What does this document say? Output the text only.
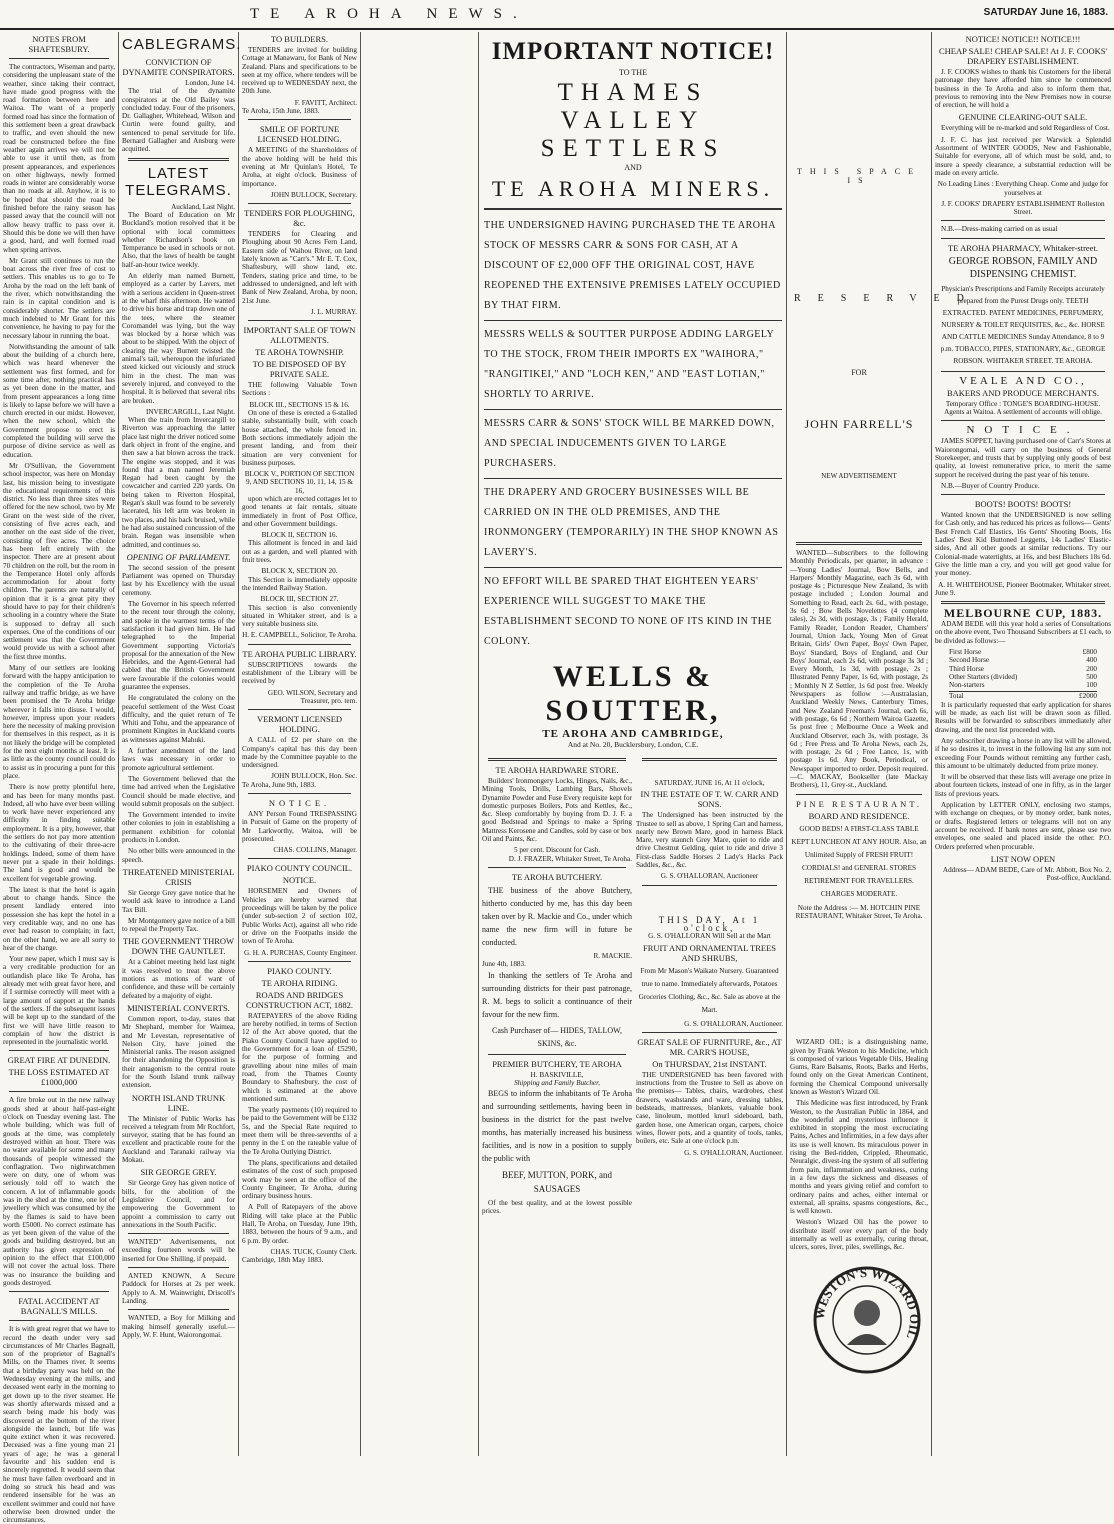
TE AROHA NEWS.	SATURDAY June 16, 1883.
NOTES FROM SHAFTESBURY.

The contractors, Wiseman and party, considering the unpleasant state of the weather, since taking their contract, have made good progress with the road formation between here and Waitoa. The want of a properly formed road has since the formation of this settlement been a great drawback to traffic, and even should the new road be constructed before the fine weather again arrives we will not be able to use it until then, as from present appearances, and experiences on other highways, newly formed roads in winter are considerably worse than no roads at all. Anyhow, it is to be hoped that should the road be finished before the rainy season has passed away that the council will not allow heavy traffic to pass over it. Should this be done we will then have a good, hard, and well formed road when spring arrives.

Mr Grant still continues to run the boat across the river free of cost to settlers. This enables us to go to Te Aroha by the road on the left bank of the river, which notwithstanding the rain is in capital condition and is considerably shorter. The settlers are much indebted to Mr Grant for this convenience, he having to pay for the necessary labour in running the boat.

Notwithstanding the amount of talk about the building of a church here, which was heard whenever the settlement was first formed, and for some time after, nothing practical has as yet been done in the matter, and from present appearances a long time is likely to lapse before we will have a church erected in our midst. However, when the new school, which the Government propose to erect is completed the building will serve the purpose of divine service as well as education.

Mr O'Sullivan, the Government school inspector, was here on Monday last, his mission being to investigate the educational requirements of this district. No less than three sites were offered for the new school, two by Mr Grant on the west side of the river, consisting of five acres each, and another on the east side of the river, consisting of five acres. The choice has been left entirely with the inspector. There are at present about 70 children on the roll, but the room in the Temperance Hotel only affords accommodation for about forty children. The parents are naturally of opinion that it is a great pity they should have to pay for their children's schooling in a country where the State is supposed to defray all such expenses. One of the conditions of our settlement was that the Government would provide us with a school after the first three months.

Many of our settlers are looking forward with the happy anticipation to the completion of the Te Aroha railway and traffic bridge, as we have been promised the Te Aroha bridge wherever it falls into disuse. I would, however, impress upon your readers here the necessity of making provision for themselves in this respect, as it is not likely the bridge will be completed for the next eight months at least. It is as little as the county council could do to assist us in procuring a punt for this place.

There is now pretty plentiful here, and has been for many months past. Indeed, all who have ever been willing to work have never experienced any difficulty in finding suitable employment. It is a pity, however, that the settlers do not pay more attention to the cultivating of their three-acre holdings. Indeed, some of them have never put a spade in their holdings. The land is good and would be excellent for vegetable growing.

The latest is that the hotel is again about to change hands. Since the present landlady entered into possession she has kept the hotel in a very creditable way, and no one has ever had reason to complain; in fact, on the other hand, we are all sorry to hear of the change.

Your new paper, which I must say is a very creditable production for an outlandish place like Te Aroha, has already met with great favor here, and if I surmise correctly will meet with a large amount of support at the hands of the settlers. If the subsequent issues will be kept up to the standard of the first we will have little reason to complain of how the district is represented in the journalistic world.

GREAT FIRE AT DUNEDIN.
THE LOSS ESTIMATED AT £1000,000

A fire broke out in the new railway goods shed at about half-past-eight o'clock on Tuesday evening last. The whole building, which was full of goods at the time, was completely destroyed within an hour. There was no water available for some and many thousands of people witnessed the conflagration. Two nightwatchmen were on duty, one of whom was seriously told off to watch the concern. A lot of inflammable goods was in the shed at the time, one lot of jewellery which was consumed by the by the flames is said to have been worth £5000. No correct estimate has as yet been given of the value of the goods and building destroyed, but an authority has given expression of opinion to the effect that £100,000 will not cover the actual loss. There was no insurance the building and goods destroyed.

FATAL ACCIDENT AT BAGNALL'S MILLS.

It is with great regret that we have to record the death under very sad circumstances of Mr Charles Bagnall, son of the proprietor of Bagnall's Mills, on the Thames river. It seems that a birthday party was held on the Wednesday evening at the mills, and deceased went early in the morning to get down up to the river steamer. He was shortly afterwards missed and a search being made his body was discovered at the bottom of the river alongside the launch, but life was quite extinct when it was recovered. Deceased was a fine young man 21 years of age; he was a general favourite and his sudden end is sincerely regretted. It would seem that he must have fallen overboard and in doing so struck his head and was rendered insensible for he was an excellent swimmer and could not have otherwise been drowned under the circumstances.

CABLEGRAMS.
CONVICTION OF DYNAMITE CONSPIRATORS.
London, June 14.

The trial of the dynamite conspirators at the Old Bailey was concluded today. Four of the prisoners, Dr. Gallagher, Whitehead, Wilson and Curtin were found guilty, and sentenced to penal servitude for life. Bernard Gallagher and Ansburg were acquitted.

LATEST TELEGRAMS.
Auckland, Last Night.

The Board of Education on Mr Buckland's motion resolved that it be optional with local committees whether Richardson's book on Temperance be used in schools or not. Also, that the laws of health be taught half-an-hour twice weekly.

An elderly man named Burnett, employed as a carter by Lavers, met with a serious accident in Queen-street at the wharf this afternoon. He wanted to drive his horse and trap down one of the tees, where the steamer Coromandel was lying, but the way was blocked by a horse which was about to be shipped. With the object of clearing the way Burnett twisted the animal's tail, whereupon the infuriated steed kicked out viciously and struck him in the chest. The man was severely injured, and conveyed to the hospital. It is believed that several ribs are broken.

INVERCARGILL, Last Night.

When the train from Invercargill to Riverton was approaching the latter place last night the driver noticed some dark object in front of the engine, and then saw a hat blown across the track. The engine was stopped, and it was found that a man named Jeremiah Regan had been caught by the cowcatcher and carried 220 yards. On being taken to Riverton Hospital, Regan's skull was found to be severely lacerated, his left arm was broken in two places, and his back bruised, while he had also sustained concussion of the brain. Regan was insensible when admitted, and continues so.

OPENING OF PARLIAMENT.

The second session of the present Parliament was opened on Thursday last by his Excellency with the usual ceremony.

The Governor in his speech referred to the recent tour through the colony, and spoke in the warmest terms of the satisfaction it had given him. He had telegraphed to the Imperial Government supporting Victoria's proposal for the annexation of the New Hebrides, and the Agent-General had cabled that the British Government were favourable if the colonies would guarantee the expenses.

He congratulated the colony on the peaceful settlement of the West Coast difficulty, and the quiet return of Te Whiti and Tohu, and the appearance of prominent Kingites in Auckland courts as witnesses against Mahuki.

A further amendment of the land laws was necessary in order to promote agricultural settlement.

The Government believed that the time had arrived when the Legislative Council should be made elective, and would submit proposals on the subject.

The Government intended to invite other colonies to join in establishing a permanent exhibition for colonial products in London.

No other bills were announced in the speech.

THREATENED MINISTERIAL CRISIS

Sir George Grey gave notice that he would ask leave to introduce a Land Tax Bill.

Mr Montgomery gave notice of a bill to repeal the Property Tax.

THE GOVERNMENT THROW DOWN THE GAUNTLET.

At a Cabinet meeting held last night it was resolved to treat the above motions as motions of want of confidence, and these will be certainly defeated by a majority of eight.

MINISTERIAL CONVERTS.

Common report, to-day, states that Mr Shephard, member for Waimea, and Mr Levestan, representative of Nelson City, have joined the Ministerial ranks. The reason assigned for their abandoning the Opposition is their antagonism to the central route for the South Island trunk railway extension.

NORTH ISLAND TRUNK LINE.

The Minister of Public Works has received a telegram from Mr Rochfort, surveyor, stating that he has found an excellent and practicable route for the Auckland and Taranaki railway via Mokau.

SIR GEORGE GREY.

Sir George Grey has given notice of bills, for the abolition of the Legislative Council, and for empowering the Government to appoint a commission to carry out annexations in the South Pacific.

WANTED" Advertisements, not exceeding fourteen words will be inserted for One Shilling, if prepaid.

ANTED KNOWN, A Secure Paddock for Horses at 2s per week. Apply to A. M. Wainwright, Driscoll's Landing.

WANTED, a Boy for Milking and making himself generally useful.—Apply, W. F. Hunt, Waiorongomai.

TO BUILDERS.

TENDERS are invited for building Cottage at Manawaru, for Bank of New Zealand. Plans and specifications to be seen at my office, where tenders will be received up to WEDNESDAY next, the 20th June.

F. FAVITT, Architect.
Te Aroha, 15th June, 1883.
SMILE OF FORTUNE LICENSED HOLDING.

A MEETING of the Shareholders of the above holding will be held this evening at Mr Quinlan's Hotel, Te Aroha, at eight o'clock. Business of importance.

JOHN BULLOCK, Secretary.
TENDERS FOR PLOUGHING, &c.

TENDERS for Clearing and Ploughing about 90 Acres Fern Land, Eastern side of Waihou River, on land lately known as "Carr's." Mr E. T. Cox, Shaftesbury, will show land, etc. Tenders, stating price and time, to be addressed to undersigned, and left with Bank of New Zealand, Aroha, by noon, 21st June.

J. L. MURRAY.
IMPORTANT SALE OF TOWN ALLOTMENTS.
TE AROHA TOWNSHIP.
TO BE DISPOSED OF BY PRIVATE SALE.

THE following Valuable Town Sections :

BLOCK III., SECTIONS 15 & 16.

On one of these is erected a 6-stalled stable, substantially built, with coach house attached, the whole fenced in. Both sections immediately adjoin the present landing, and from their situation are very convenient for business purposes.

BLOCK V., PORTION OF SECTION 9, AND SECTIONS 10, 11, 14, 15 & 16,

upon which are erected cottages let to good tenants at fair rentals, situate immediately in front of Post Office, and other Government buildings.

BLOCK II, SECTION 16.

This allotment is fenced in and laid out as a garden, and well planted with fruit trees.

BLOCK X, SECTION 20.

This Section is immediately opposite the intended Railway Station.

BLOCK III, SECTION 27.

This section is also conveniently situated in Whitaker street, and is a very suitable business site.

H. E. CAMPBELL, Solicitor, Te Aroha.
TE AROHA PUBLIC LIBRARY.

SUBSCRIPTIONS towards the establishment of the Library will be received by

GEO. WILSON, Secretary and Treasurer, pro. tem.
VERMONT LICENSED HOLDING.

A CALL of £2 per share on the Company's capital has this day been made by the Committee payable to the undersigned.

JOHN BULLOCK, Hon. Sec.
Te Aroha, June 9th, 1883.
NOTICE.

ANY Person Found TRESPASSING in Pursuit of Game on the property of Mr Larkworthy, Waitoa, will be prosecuted.

CHAS. COLLINS, Manager.
PIAKO COUNTY COUNCIL.
NOTICE.

HORSEMEN and Owners of Vehicles are hereby warned that proceedings will be taken by the police (under sub-section 2 of section 102, Public Works Act), against all who ride or drive on the Footpaths inside the town of Te Aroha.

G. H. A. PURCHAS, County Engineer.
PIAKO COUNTY.
TE AROHA RIDING.
ROADS AND BRIDGES CONSTRUCTION ACT, 1882.

RATEPAYERS of the above Riding are hereby notified, in terms of Section 12 of the Act above quoted, that the Piako County Council have applied to the Government for a loan of £5290, for the purpose of forming and gravelling about nine miles of main road, from the Thames County Boundary to Shaftesbury, the cost of which is estimated at the above mentioned sum.

The yearly payments (10) required to be paid to the Government will be £132 5s, and the Special Rate required to meet them will be three-sevenths of a penny in the £ on the rateable value of the Te Aroha Outlying District.

The plans, specifications and detailed estimates of the cost of such proposed work may be seen at the office of the County Engineer, Te Aroha, during ordinary business hours.

A Poll of Ratepayers of the above Riding will take place at the Public Hall, Te Aroha, on Tuesday, June 19th, 1883, between the hours of 9 a.m., and 6 p.m. By order.

CHAS. TUCK, County Clerk.
Cambridge, 18th May 1883.
IMPORTANT NOTICE!
TO THE
THAMES VALLEY SETTLERS
AND
TE AROHA MINERS.
THE UNDERSIGNED HAVING PURCHASED THE TE AROHA STOCK OF MESSRS CARR & SONS FOR CASH, AT A DISCOUNT OF £2,000 OFF THE ORIGINAL COST, HAVE REOPENED THE EXTENSIVE PREMISES LATELY OCCUPIED BY THAT FIRM.
MESSRS WELLS & SOUTTER PURPOSE ADDING LARGELY TO THE STOCK, FROM THEIR IMPORTS EX "WAIHORA," "RANGITIKEI," AND "LOCH KEN," AND "EAST LOTIAN," SHORTLY TO ARRIVE.
MESSRS CARR & SONS' STOCK WILL BE MARKED DOWN, AND SPECIAL INDUCEMENTS GIVEN TO LARGE PURCHASERS.
THE DRAPERY AND GROCERY BUSINESSES WILL BE CARRIED ON IN THE OLD PREMISES, AND THE IRONMONGERY (TEMPORARILY) IN THE SHOP KNOWN AS LAVERY'S.
NO EFFORT WILL BE SPARED THAT EIGHTEEN YEARS' EXPERIENCE WILL SUGGEST TO MAKE THE ESTABLISHMENT SECOND TO NONE OF ITS KIND IN THE COLONY.
WELLS & SOUTTER,
TE AROHA AND CAMBRIDGE,
And at No. 20, Bucklersbury, London, C.E.
TE AROHA HARDWARE STORE.

Builders' Ironmongery Locks, Hinges, Nails, &c., Mining Tools, Drills, Lambing Bars, Shovels Dynamite Powder and Fuse Every requisite kept for domestic purposes Boilers, Pots and Kettles, &c., &c. Sleep comfortably by buying from D. J. F. a good Bedstead and Springs to make a Spring Mattress Kerosene and Candles, sold by case or box Oil and Paints, &c.

5 per cent. Discount for Cash.
D. J. FRAZER, Whitaker Street, Te Aroha.
TE AROHA BUTCHERY.

THE business of the above Butchery, hitherto conducted by me, has this day been taken over by R. Mackie and Co., under which name the new firm will in future be conducted.

R. MACKIE.
June 4th, 1883.

In thanking the settlers of Te Aroha and surrounding districts for their past patronage, R. M. begs to solicit a continuance of their favour for the new firm.

Cash Purchaser of— HIDES, TALLOW, SKINS, &c.

PREMIER BUTCHERY, TE AROHA
H. BASKIVILLE,
Shipping and Family Butcher,

BEGS to inform the inhabitants of Te Aroha and surrounding settlements, having been in business in the district for the past twelve months, has materially increased his business facilities, and is now in a position to supply the public with

BEEF, MUTTON, PORK, and SAUSAGES

Of the best quality, and at the lowest possible prices.

SATURDAY, JUNE 16, At 11 o'clock,
IN THE ESTATE OF T. W. CARR AND SONS.

The Undersigned has been instructed by the Trustee to sell as above, 1 Spring Cart and harness, nearly new Brown Mare, good in harness Black Mare, very staunch Grey Mare, quiet to ride and drive Chestnut Gelding, quiet to ride and drive 3 First-class Saddle Horses 2 Lady's Hacks Pack Saddles, &c., &c.

G. S. O'HALLORAN, Auctioneer
THIS DAY, At 1 o'clock,
G. S. O'HALLORAN Will Sell at the Mart
FRUIT AND ORNAMENTAL TREES AND SHRUBS,

From Mr Mason's Waikato Nursery. Guaranteed true to name. Immediately afterwards, Potatoes Groceries Clothing, &c., &c. Sale as above at the Mart.

G. S. O'HALLORAN, Auctioneer.
GREAT SALE OF FURNITURE, &c., AT MR. CARR'S HOUSE,
On THURSDAY, 21st INSTANT.

THE UNDERSIGNED has been favored with instructions from the Trustee to Sell as above on the premises— Tables, chairs, wardrobes, chest drawers, washstands and ware, dressing tables, bedsteads, mattresses, blankets, valuable book case, linoleum, mottled knurl sideboard, bath, garden hose, one American organ, carpets, choice wines, flower pots, and a quantity of tools, tanks, boilers, etc. Sale at one o'clock p.m.

G. S. O'HALLORAN, Auctioneer.
THIS SPACE IS
RESERVED
FOR
JOHN FARRELL'S
NEW ADVERTISEMENT

WANTED—Subscribers to the following Monthly Periodicals, per quarter, in advance :—Young Ladies' Journal, Bow Bells, and Harpers' Monthly Magazine, each 3s 6d, with postage 4s ; Picturesque New Zealand, 3s with postage included ; London Journal and Something to Read, each 2s. 6d., with postage, 3s 6d ; Bow Bells Novelettes (4 complete tales), 2s 3d, with postage, 3s ; Family Herald, Family Reader, London Reader, Chambers' Journal, Union Jack, Young Men of Great Britain, Girls' Own Paper, Boys' Own Paper, Boys' Standard, Boys of England, and Our Boys' Journal, each 2s 6d, with postage 3s 3d ; Every Month, 1s 3d, with postage, 2s ; Illustrated Penny Paper, 1s 6d, with postage, 2s ; Monthly N Z Settler, 1s 6d post free. Weekly Newspapers as follow :—Australasian, Auckland Weekly News, Canterbury Times, and New Zealand Freeman's Journal, each 6s, with postage, 6s 6d ; Northern Wairoa Gazette, 5s post free ; Melbourne Once a Week and Auckland Observer, each 3s, with postage, 3s 6d ; Free Press and Te Aroha News, each 2s, with postage, 2s 6d ; Free Lance, 1s, with postage 1s 6d. Any Book, Periodical, or Newspaper imported to order. Deposit required.—C. MACKAY, Bookseller (late Mackay Brothers), 11, Grey-st., Auckland.

PINE RESTAURANT.
BOARD AND RESIDENCE.

GOOD BEDS! A FIRST-CLASS TABLE KEPT LUNCHEON AT ANY HOUR. Also, an Unlimited Supply of FRESH FRUIT! CORDIALS! and GENERAL STORES RETIREMENT FOR TRAVELLERS. CHARGES MODERATE.

Note the Address :— M. HOTCHIN PINE RESTAURANT, Whitaker Street, Te Aroha.

WIZARD OIL; is a distinguishing name, given by Frank Weston to his Medicine, which is composed of various Vegetable Oils, Healing Gums, Rare Balsams, Roots, Barks and Herbs, found only on the Great American Continent, forming the Chemical Compound universally known as Weston's Wizard Oil.

This Medicine was first introduced, by Frank Weston, to the Australian Public in 1864, and the wonderful and mysterious influence it exhibited in stopping the most excruciating Pains, Aches and Infirmities, in a few days after its use is well known. Its miraculous power in rising the Bed-ridden, Crippled, Rheumatic, Neuralgic, divest-ing the system of all suffering from pain, inflammation and weakness, curing in a few days the sickness and diseases of months and years giving relief and comfort to ordinary pains and aches, either internal or external, all sprains, spasms congestions, &c., is well known.

Weston's Wizard Oil has the power to distribute itself over every part of the body internally as well as externally, curing throat, ulcers, sores, liver, piles, swellings, &c.

WESTON'S WIZARD OIL
NOTICE! NOTICE!! NOTICE!!!
CHEAP SALE! CHEAP SALE! At J. F. COOKS' DRAPERY ESTABLISHMENT.

J. F. COOKS wishes to thank his Customers for the liberal patronage they have afforded him since he commenced business in the Te Aroha and also to inform them that, previous to removing into the New Premises now in course of erection, he will hold a

GENUINE CLEARING-OUT SALE.

Everything will be re-marked and sold Regardless of Cost.

J. F. C. has just received per Warwick a Splendid Assortment of WINTER GOODS, New and Fashionable, Suitable for everyone, all of which must be sold, and, to insure a speedy clearance, a substantial reduction will be made on every article.

No Leading Lines : Everything Cheap. Come and judge for yourselves at

J. F. COOKS' DRAPERY ESTABLISHMENT Rolleston Street.

N.B.—Dress-making carried on as usual

TE AROHA PHARMACY, Whitaker-street.
GEORGE ROBSON, FAMILY AND DISPENSING CHEMIST.

Physician's Prescriptions and Family Receipts accurately prepared from the Purest Drugs only. TEETH EXTRACTED. PATENT MEDICINES, PERFUMERY, NURSERY & TOILET REQUISITES, &c., &c. HORSE AND CATTLE MEDICINES Sunday Attendance, 8 to 9 p.m. TOBACCO, PIPES, STATIONARY, &c., GEORGE ROBSON. WHITAKER STREET. TE AROHA.

VEALE AND CO.,
BAKERS AND PRODUCE MERCHANTS.

Temporary Office : TONGE'S BOARDING-HOUSE. Agents at Waitoa. A settlement of accounts will oblige.

NOTICE.

JAMES SOPPET, having purchased one of Carr's Stores at Waiorongomai, will carry on the business of General Storekeeper, and trusts that by supplying only goods of best quality, at lowest remunerative price, to merit the same support he received during the past year of his tenure.

N.B.—Buyer of Country Produce.

BOOTS! BOOTS! BOOTS!

Wanted known that the UNDERSIGNED is now selling for Cash only, and has reduced his prices as follows— Gents' Best French Calf Elastics, 16s Gents' Shooting Boots, 16s Ladies' Best Kid Buttoned Leggetts, 14s Ladies' Elastic-sides, And all other goods at similar reductions. Try our Colonial-made watertights, at 16s, and best Bluchers 18s 6d. Give the little man a cry, and you will get good value for your money.

A. H. WHITEHOUSE, Pioneer Bootmaker, Whitaker street.
June 9.
MELBOURNE CUP, 1883.

ADAM BEDE will this year hold a series of Consultations on the above event, Two Thousand Subscribers at £1 each, to be divided as follows:—

First Horse	£800
Second Horse	400
Third Horse	200
Other Starters (divided)	500
Non-starters	100
Total	£2000

It is particularly requested that early application for shares will be made, as each list will be drawn soon as filled. Results will be forwarded to subscribers immediately after drawing, and the next list proceeded with.

Any subscriber drawing a horse in any list will be allowed, if he so desires it, to invest in the following list any sum not exceeding Four Pounds without remitting any further cash, this amount to be ultimately deducted from prize money.

It will be observed that these lists will average one prize in about fourteen tickets, instead of one in fifty, as in the larger lists of previous years.

Application by LETTER ONLY, enclosing two stamps, with exchange on cheques, or by money order, bank notes, or drafts. Registered letters or telegrams will not on any account be received. If bank notes are sent, please use two envelopes, one sealed and placed inside the other. P.O. Orders preferred when procurable.

LIST NOW OPEN
Address— ADAM BEDE, Care of Mr. Abbott, Box No. 2, Post-office, Auckland.
